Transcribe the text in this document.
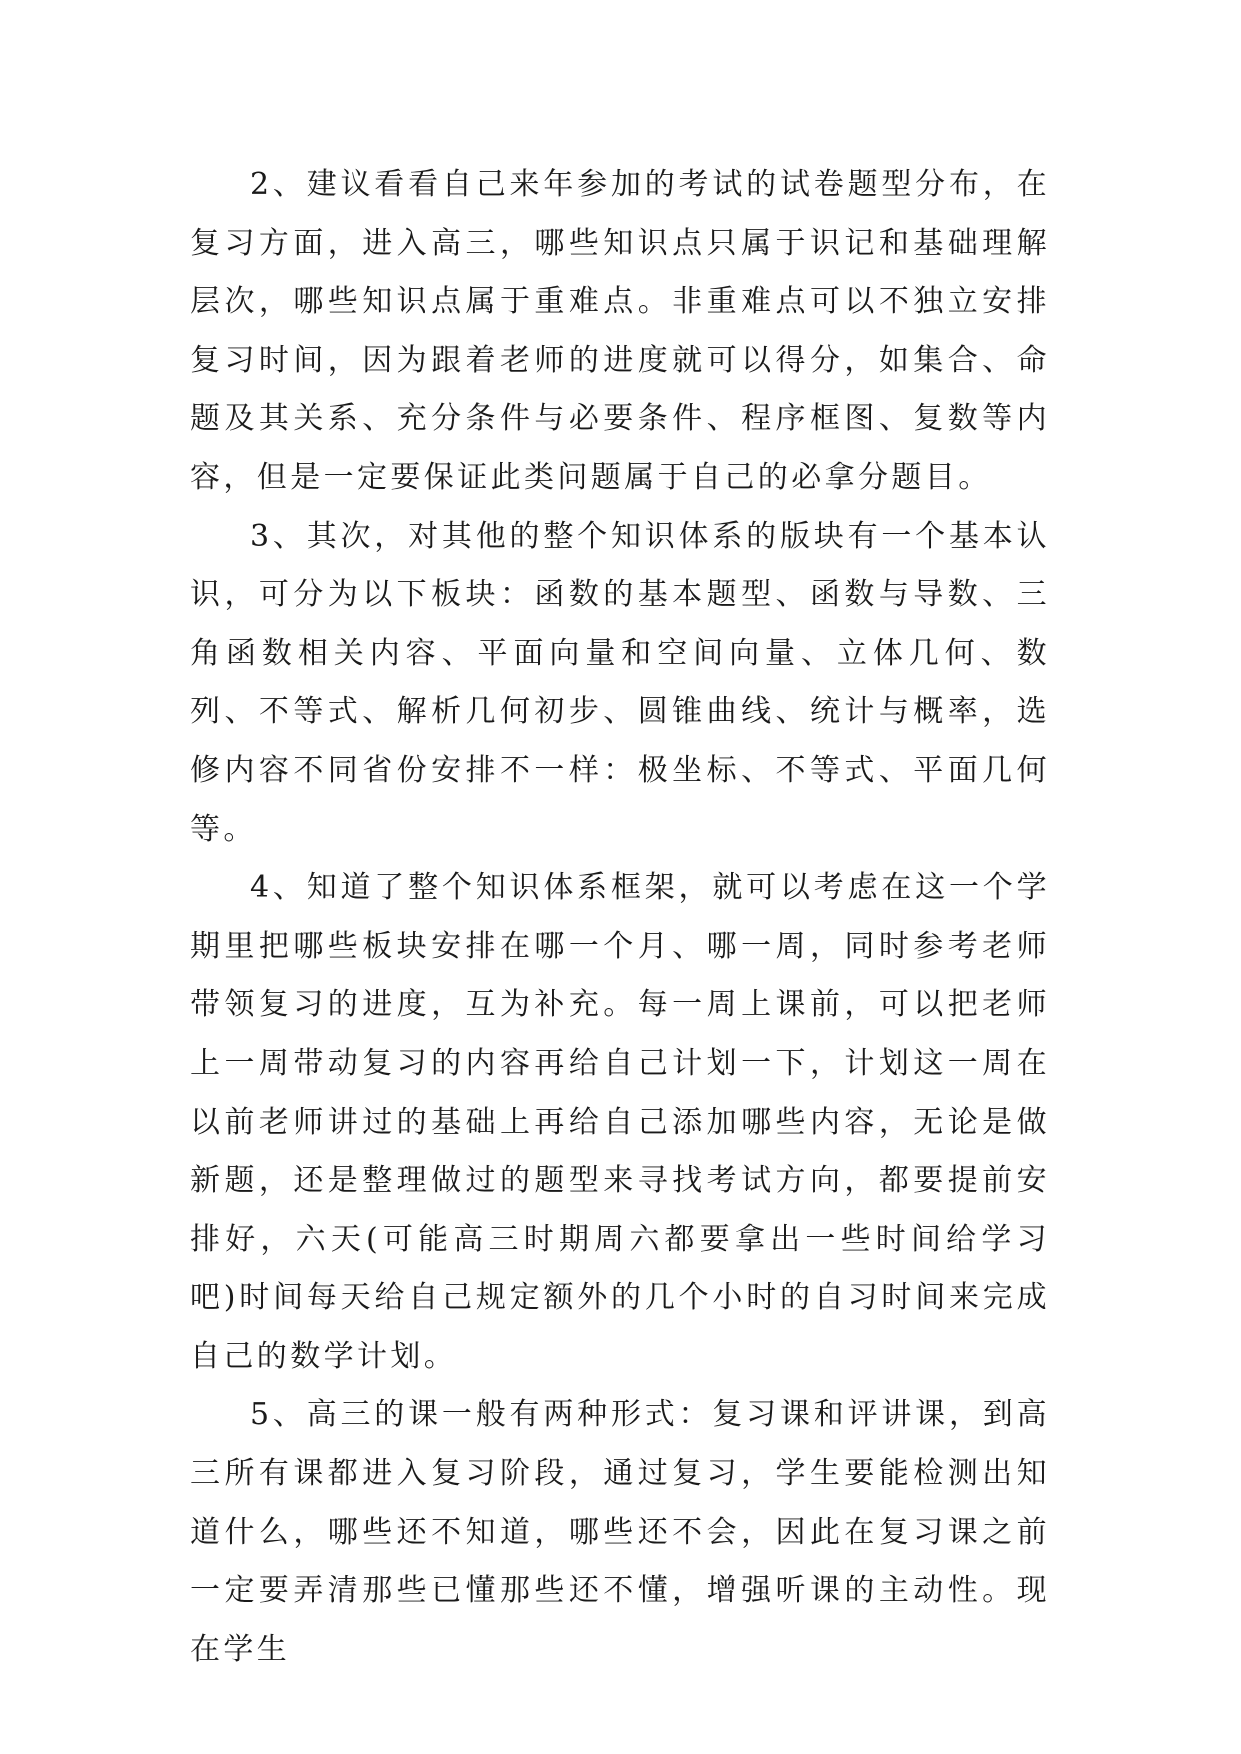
2、建议看看自己来年参加的考试的试卷题型分布，在复习方面，进入高三，哪些知识点只属于识记和基础理解层次，哪些知识点属于重难点。非重难点可以不独立安排复习时间，因为跟着老师的进度就可以得分，如集合、命题及其关系、充分条件与必要条件、程序框图、复数等内容，但是一定要保证此类问题属于自己的必拿分题目。

3、其次，对其他的整个知识体系的版块有一个基本认识，可分为以下板块：函数的基本题型、函数与导数、三角函数相关内容、平面向量和空间向量、立体几何、数列、不等式、解析几何初步、圆锥曲线、统计与概率，选修内容不同省份安排不一样：极坐标、不等式、平面几何等。

4、知道了整个知识体系框架，就可以考虑在这一个学期里把哪些板块安排在哪一个月、哪一周，同时参考老师带领复习的进度，互为补充。每一周上课前，可以把老师上一周带动复习的内容再给自己计划一下，计划这一周在以前老师讲过的基础上再给自己添加哪些内容，无论是做新题，还是整理做过的题型来寻找考试方向，都要提前安排好，六天(可能高三时期周六都要拿出一些时间给学习吧)时间每天给自己规定额外的几个小时的自习时间来完成自己的数学计划。

5、高三的课一般有两种形式：复习课和评讲课，到高三所有课都进入复习阶段，通过复习，学生要能检测出知道什么，哪些还不知道，哪些还不会，因此在复习课之前一定要弄清那些已懂那些还不懂，增强听课的主动性。现在学生
